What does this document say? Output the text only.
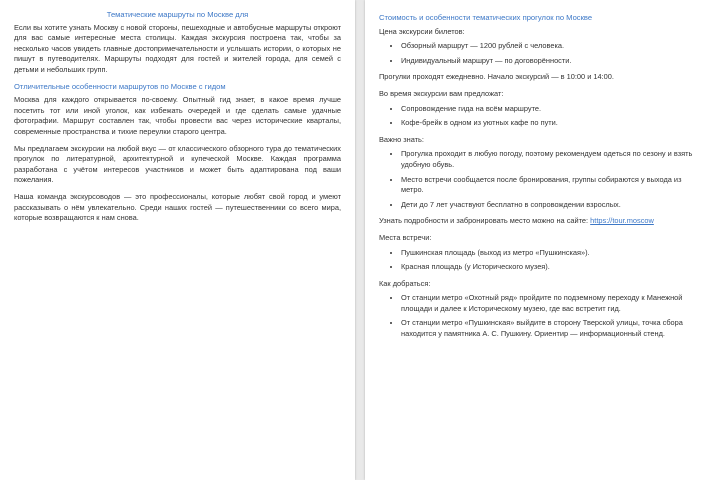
Тематические маршруты по Москве для

Если вы хотите узнать Москву с новой стороны, пешеходные и автобусные маршруты откроют для вас самые интересные места столицы. Каждая экскурсия построена так, чтобы за несколько часов увидеть главные достопримечательности и услышать истории, о которых не пишут в путеводителях. Маршруты подходят для гостей и жителей города, для семей с детьми и небольших групп.

Отличительные особенности маршрутов по Москве с гидом

Москва для каждого открывается по-своему. Опытный гид знает, в какое время лучше посетить тот или иной уголок, как избежать очередей и где сделать самые удачные фотографии. Маршрут составлен так, чтобы провести вас через исторические кварталы, современные пространства и тихие переулки старого центра.

Мы предлагаем экскурсии на любой вкус — от классического обзорного тура до тематических прогулок по литературной, архитектурной и купеческой Москве. Каждая программа разработана с учётом интересов участников и может быть адаптирована под ваши пожелания.

Наша команда экскурсоводов — это профессионалы, которые любят свой город и умеют рассказывать о нём увлекательно. Среди наших гостей — путешественники со всего мира, которые возвращаются к нам снова.

Стоимость и особенности тематических прогулок по Москве
Цена экскурсии билетов:
• Обзорный маршрут — 1200 рублей с человека.
• Индивидуальный маршрут — по договорённости.

Прогулки проходят ежедневно. Начало экскурсий — в 10:00 и 14:00.

Во время экскурсии вам предложат:
• Сопровождение гида на всём маршруте.
• Кофе-брейк в одном из уютных кафе по пути.
Важно знать:
• Прогулка проходит в любую погоду, поэтому рекомендуем одеться по сезону и взять удобную обувь.
• Место встречи сообщается после бронирования, группы собираются у выхода из метро.
• Дети до 7 лет участвуют бесплатно в сопровождении взрослых.

Узнать подробности и забронировать место можно на сайте: https://tour.moscow

Места встречи:
• Пушкинская площадь (выход из метро «Пушкинская»).
• Красная площадь (у Исторического музея).
Как добраться:
• От станции метро «Охотный ряд» пройдите по подземному переходу к Манежной площади и далее к Историческому музею, где вас встретит гид.
• От станции метро «Пушкинская» выйдите в сторону Тверской улицы, точка сбора находится у памятника А. С. Пушкину. Ориентир — информационный стенд.
